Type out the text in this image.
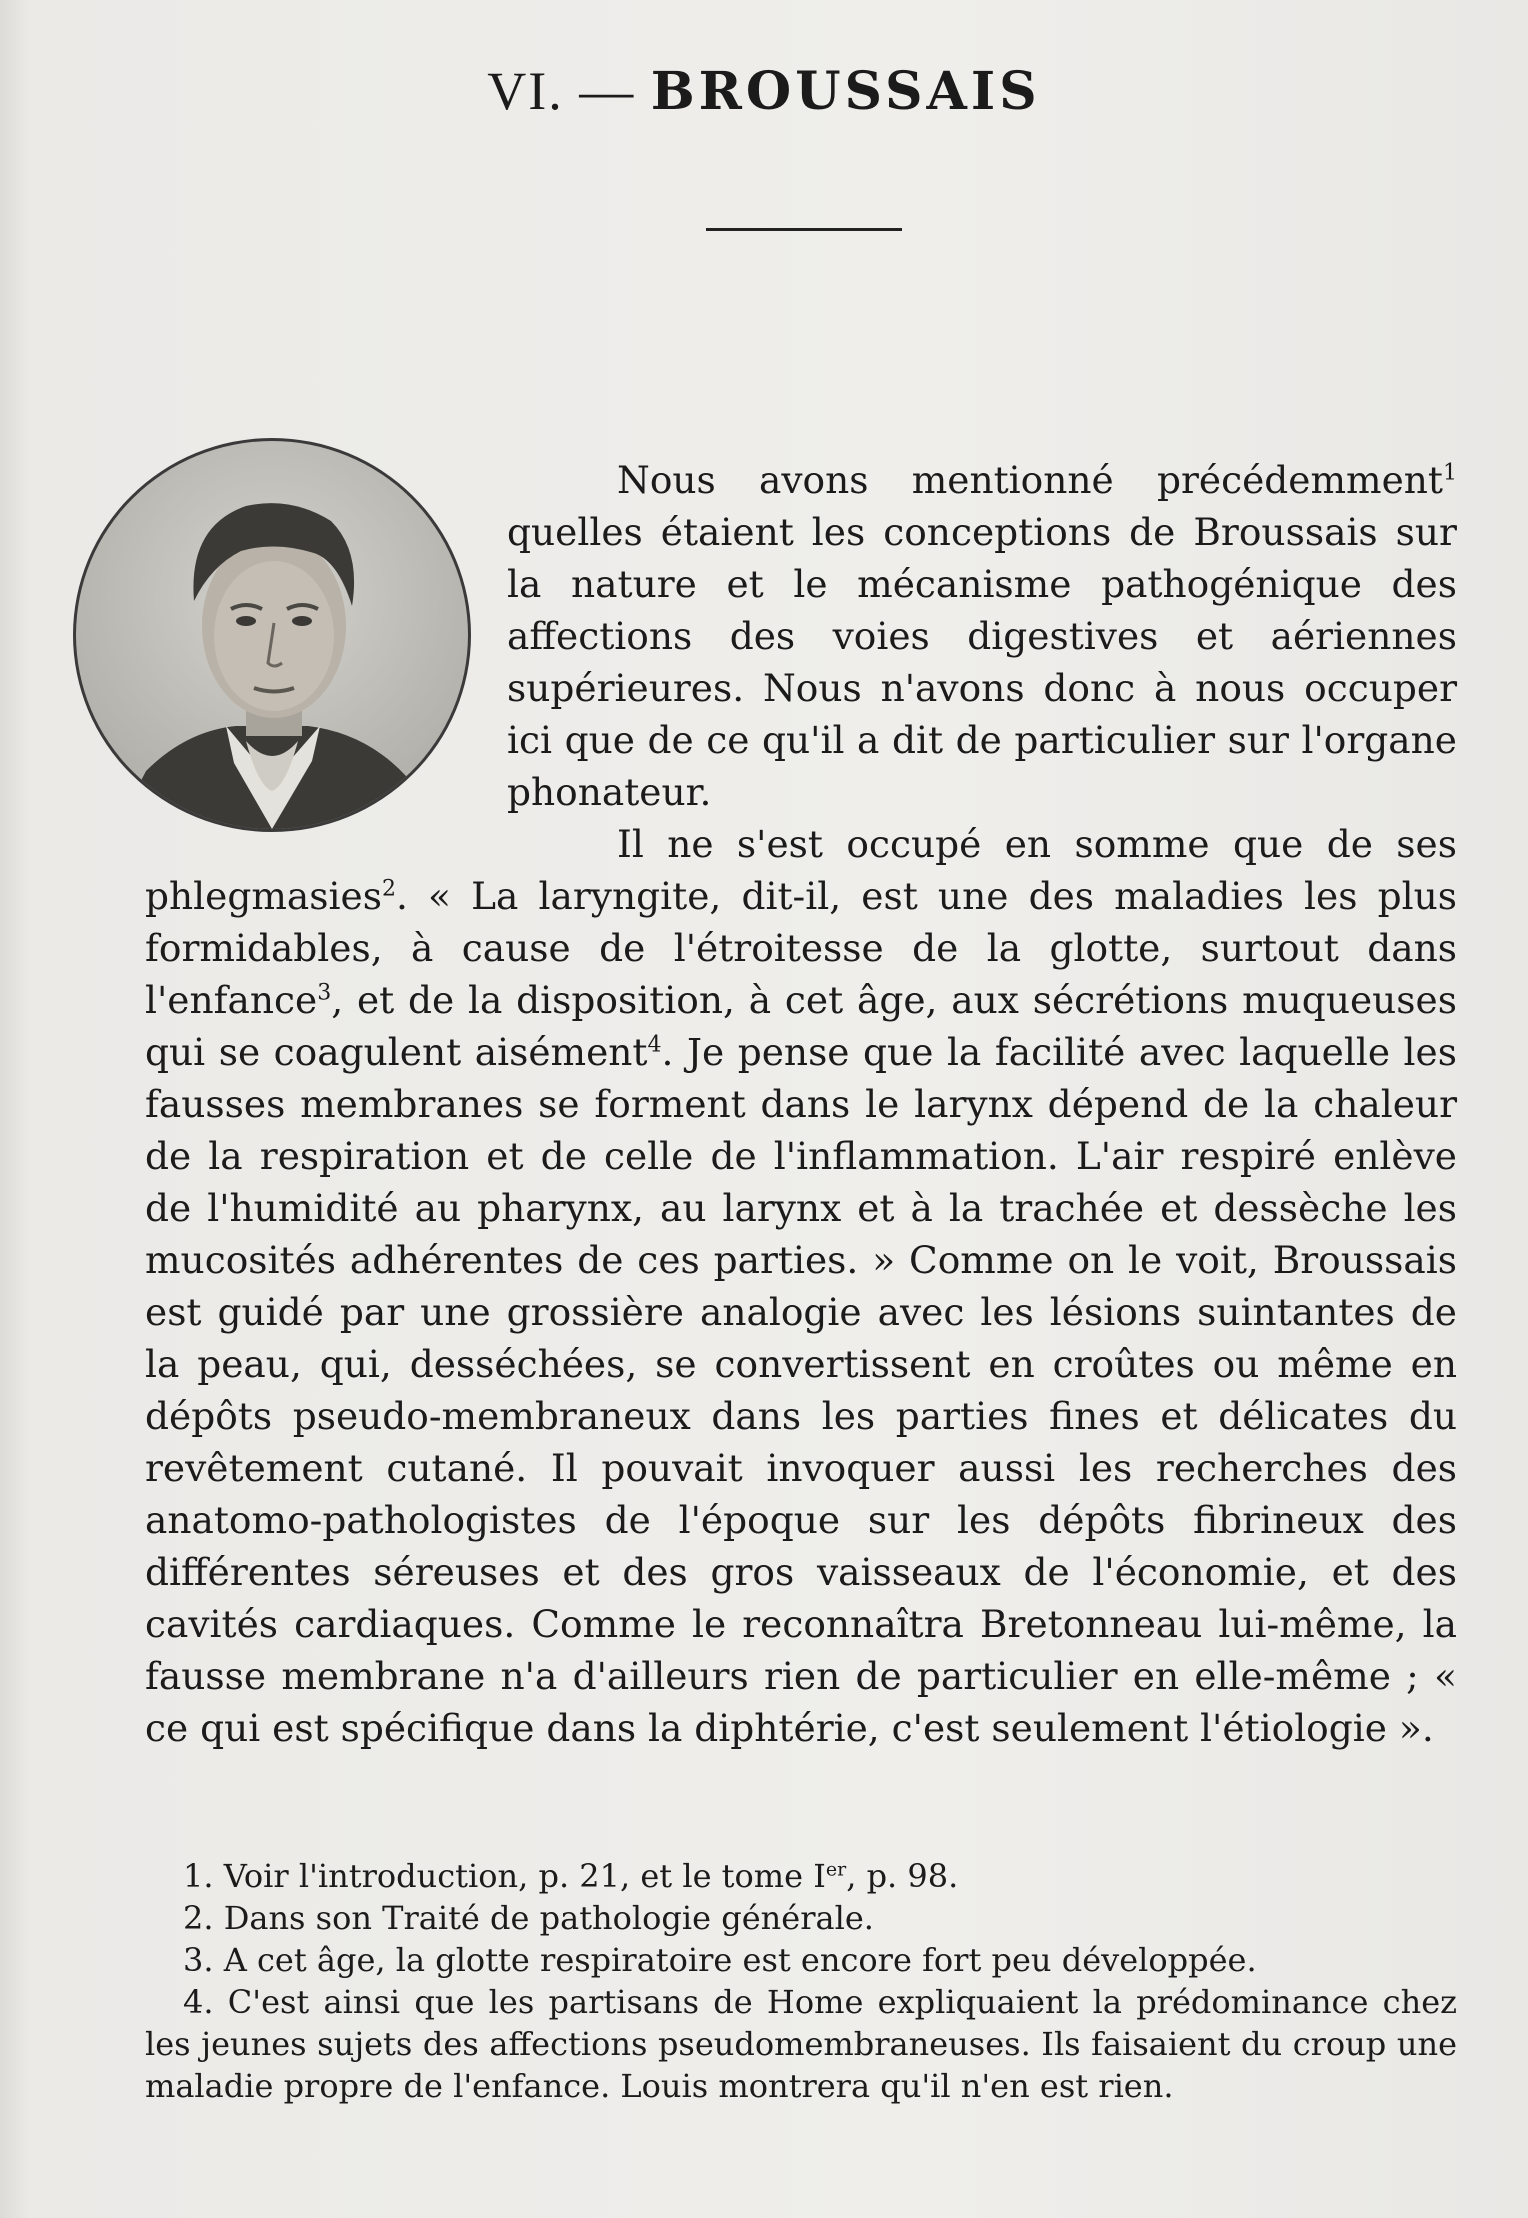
VI. — BROUSSAIS

Nous avons mentionné précédemment$^1$ quelles étaient les conceptions de Broussais sur la nature et le mécanisme pathogénique des affections des voies digestives et aériennes supérieures. Nous n'avons donc à nous occuper ici que de ce qu'il a dit de particulier sur l'organe phonateur.

Il ne s'est occupé en somme que de ses phlegmasies$^2$. « La laryngite, dit-il, est une des maladies les plus formidables, à cause de l'étroitesse de la glotte, surtout dans l'enfance$^3$, et de la disposition, à cet âge, aux sécrétions muqueuses qui se coagulent aisément$^4$. Je pense que la facilité avec laquelle les fausses membranes se forment dans le larynx dépend de la chaleur de la respiration et de celle de l'inflammation. L'air respiré enlève de l'humidité au pharynx, au larynx et à la trachée et dessèche les mucosités adhérentes de ces parties. » Comme on le voit, Broussais est guidé par une grossière analogie avec les lésions suintantes de la peau, qui, desséchées, se convertissent en croûtes ou même en dépôts pseudo-membraneux dans les parties fines et délicates du revêtement cutané. Il pouvait invoquer aussi les recherches des anatomo-pathologistes de l'époque sur les dépôts fibrineux des différentes séreuses et des gros vaisseaux de l'économie, et des cavités cardiaques. Comme le reconnaîtra Bretonneau lui-même, la fausse membrane n'a d'ailleurs rien de particulier en elle-même ; « ce qui est spécifique dans la diphtérie, c'est seulement l'étiologie ».

1. Voir l'introduction, p. 21, et le tome Ier, p. 98.
2. Dans son Traité de pathologie générale.
3. A cet âge, la glotte respiratoire est encore fort peu développée.
4. C'est ainsi que les partisans de Home expliquaient la prédominance chez les jeunes sujets des affections pseudomembraneuses. Ils faisaient du croup une maladie propre de l'enfance. Louis montrera qu'il n'en est rien.
